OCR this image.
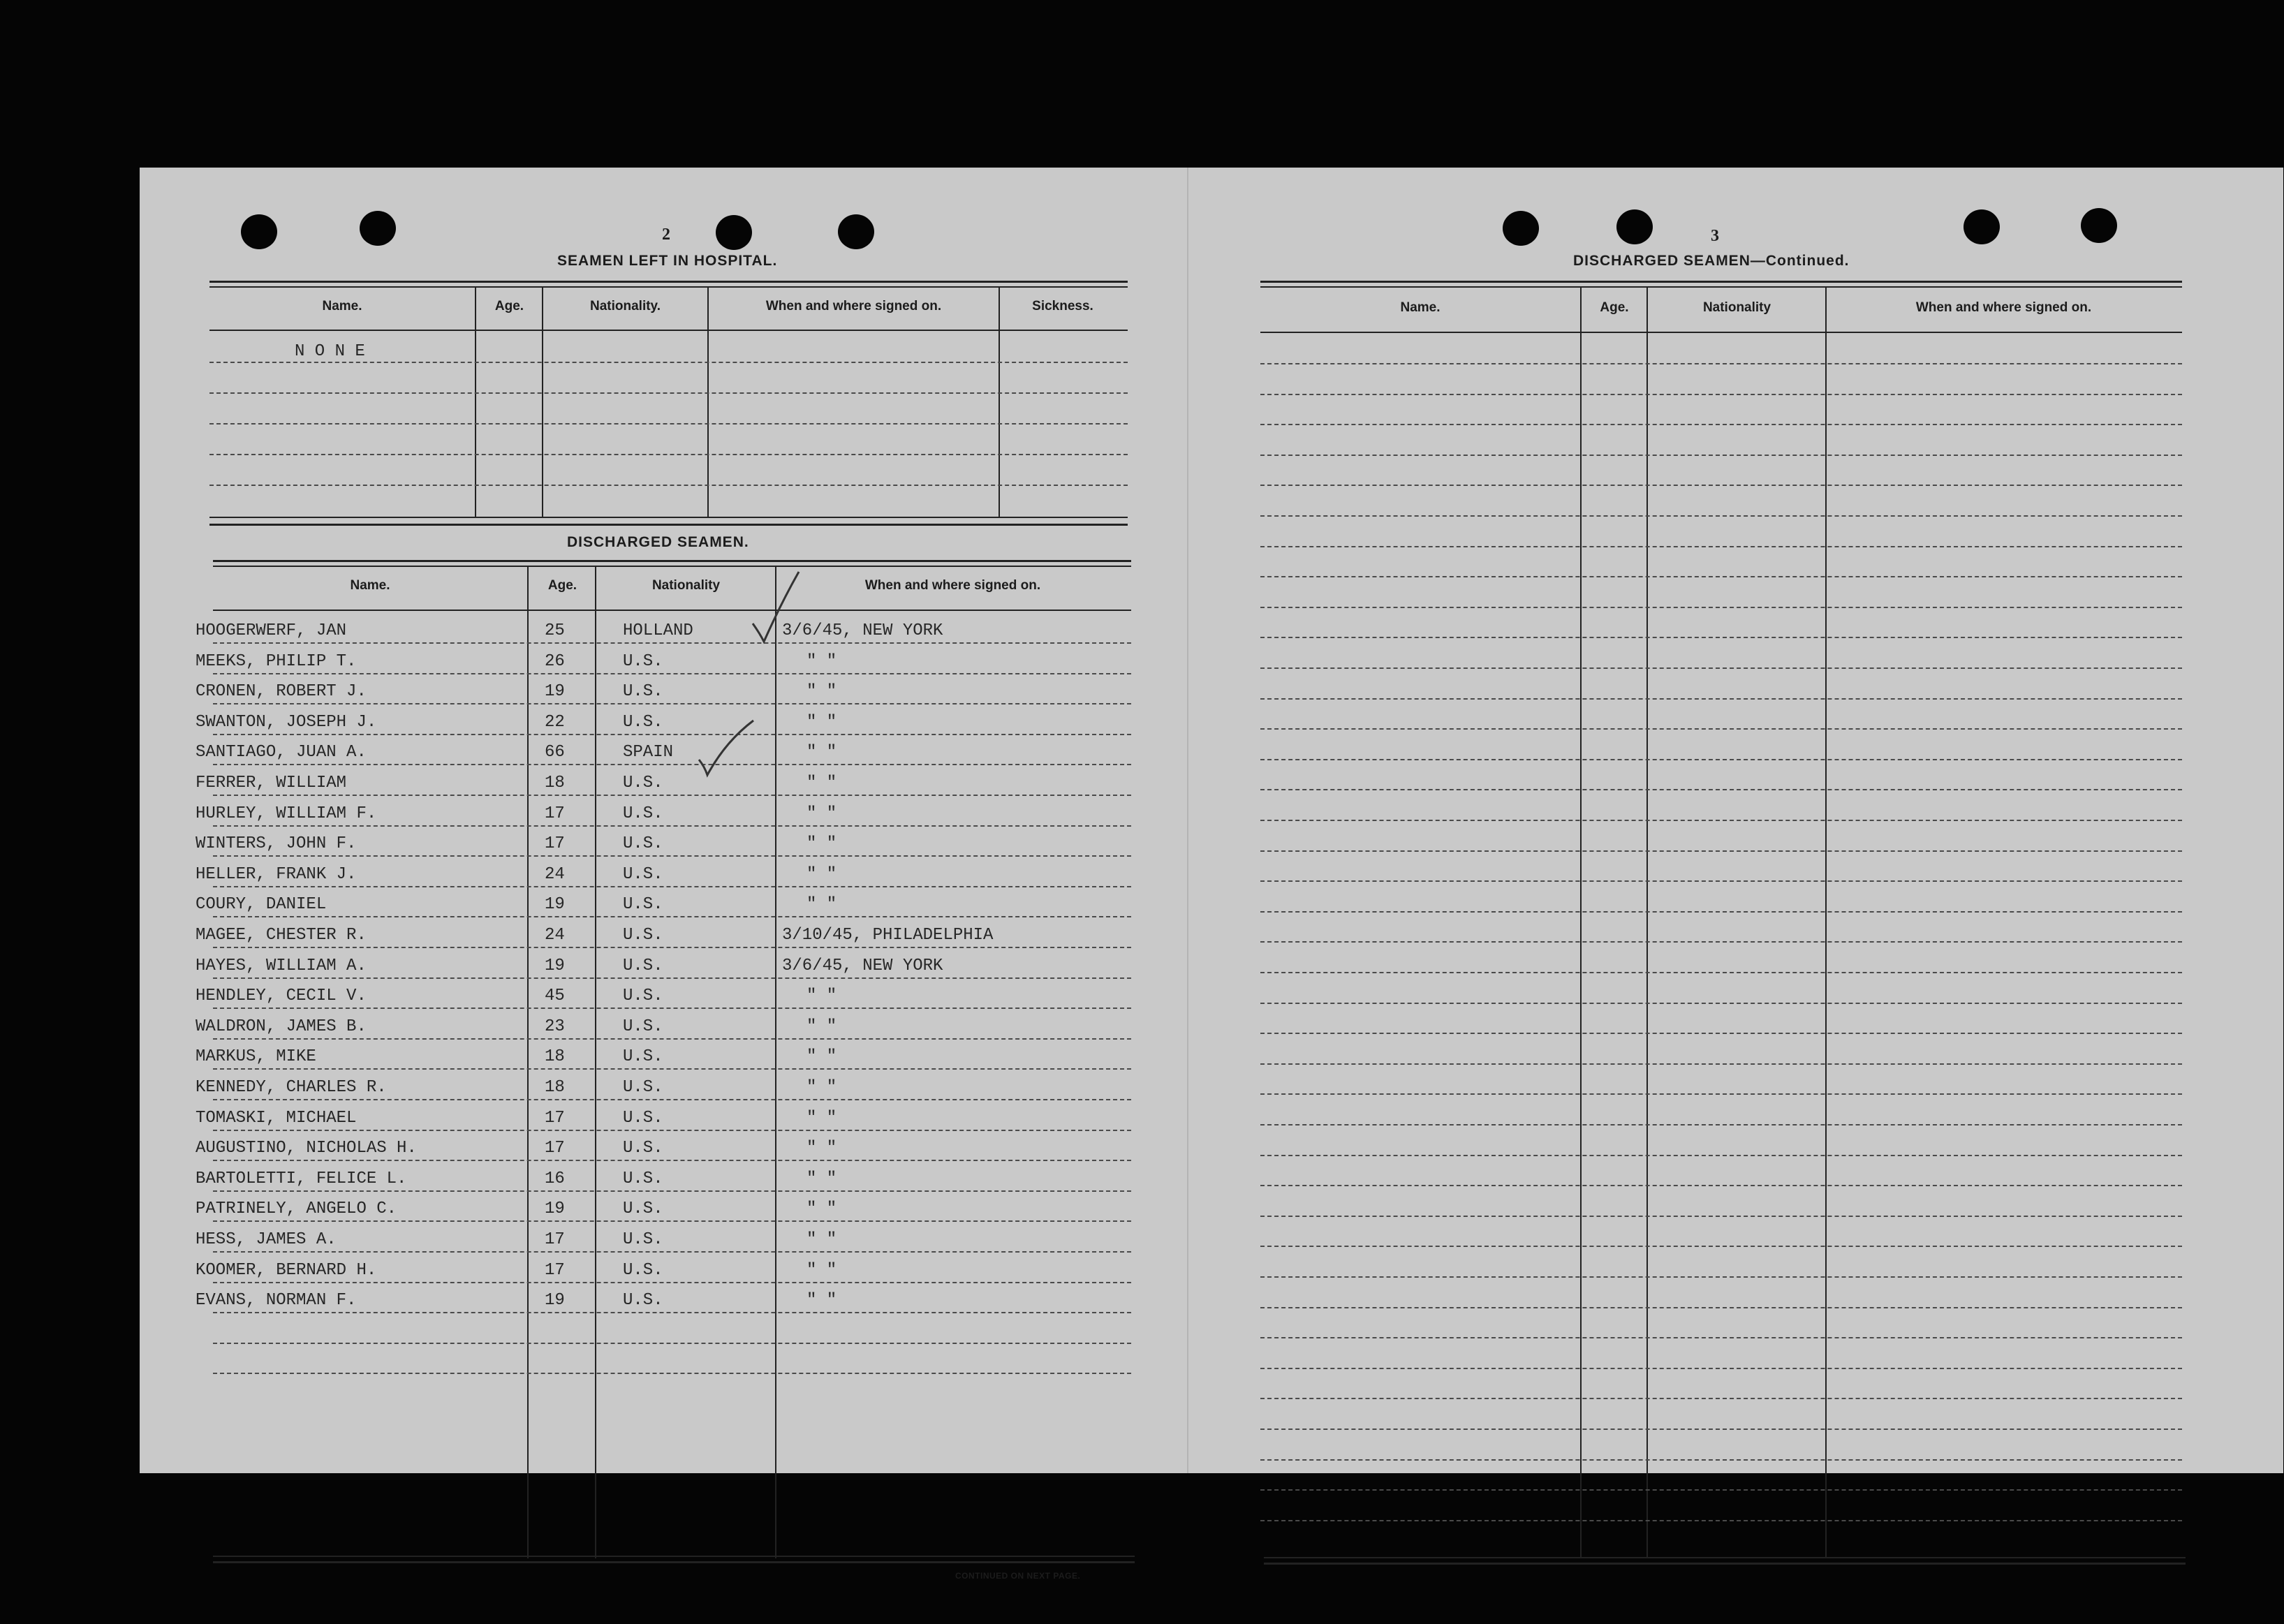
2
SEAMEN LEFT IN HOSPITAL.
Name.	Age.	Nationality.	When and where signed on.	Sickness.
N O N E
DISCHARGED SEAMEN.
Name.	Age.	Nationality	When and where signed on.
HOOGERWERF, JAN	25	HOLLAND	3/6/45, NEW YORK
MEEKS, PHILIP T.	26	U.S.	" "
CRONEN, ROBERT J.	19	U.S.	" "
SWANTON, JOSEPH J.	22	U.S.	" "
SANTIAGO, JUAN A.	66	SPAIN	" "
FERRER, WILLIAM	18	U.S.	" "
HURLEY, WILLIAM F.	17	U.S.	" "
WINTERS, JOHN F.	17	U.S.	" "
HELLER, FRANK J.	24	U.S.	" "
COURY, DANIEL	19	U.S.	" "
MAGEE, CHESTER R.	24	U.S.	3/10/45, PHILADELPHIA
HAYES, WILLIAM A.	19	U.S.	3/6/45, NEW YORK
HENDLEY, CECIL V.	45	U.S.	" "
WALDRON, JAMES B.	23	U.S.	" "
MARKUS, MIKE	18	U.S.	" "
KENNEDY, CHARLES R.	18	U.S.	" "
TOMASKI, MICHAEL	17	U.S.	" "
AUGUSTINO, NICHOLAS H.	17	U.S.	" "
BARTOLETTI, FELICE L.	16	U.S.	" "
PATRINELY, ANGELO C.	19	U.S.	" "
HESS, JAMES A.	17	U.S.	" "
KOOMER, BERNARD H.	17	U.S.	" "
EVANS, NORMAN F.	19	U.S.	" "
CONTINUED ON NEXT PAGE.
3
DISCHARGED SEAMEN—Continued.
Name.	Age.	Nationality	When and where signed on.
